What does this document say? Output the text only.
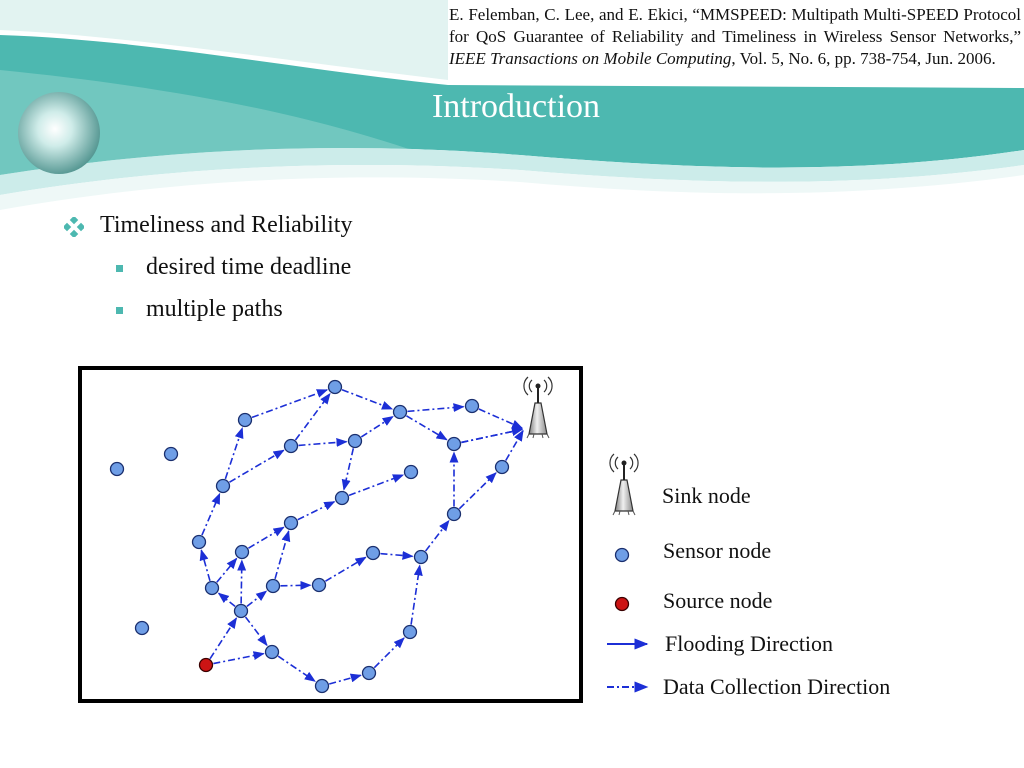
E. Felemban, C. Lee, and E. Ekici, “MMSPEED: Multipath Multi-SPEED Protocol for QoS Guarantee of Reliability and Timeliness in Wireless Sensor Networks,” IEEE Transactions on Mobile Computing, Vol. 5, No. 6, pp. 738-754, Jun. 2006.
Introduction
Timeliness and Reliability
desired time deadline
multiple paths
Sink node
Sensor node
Source node
Flooding Direction
Data Collection Direction
